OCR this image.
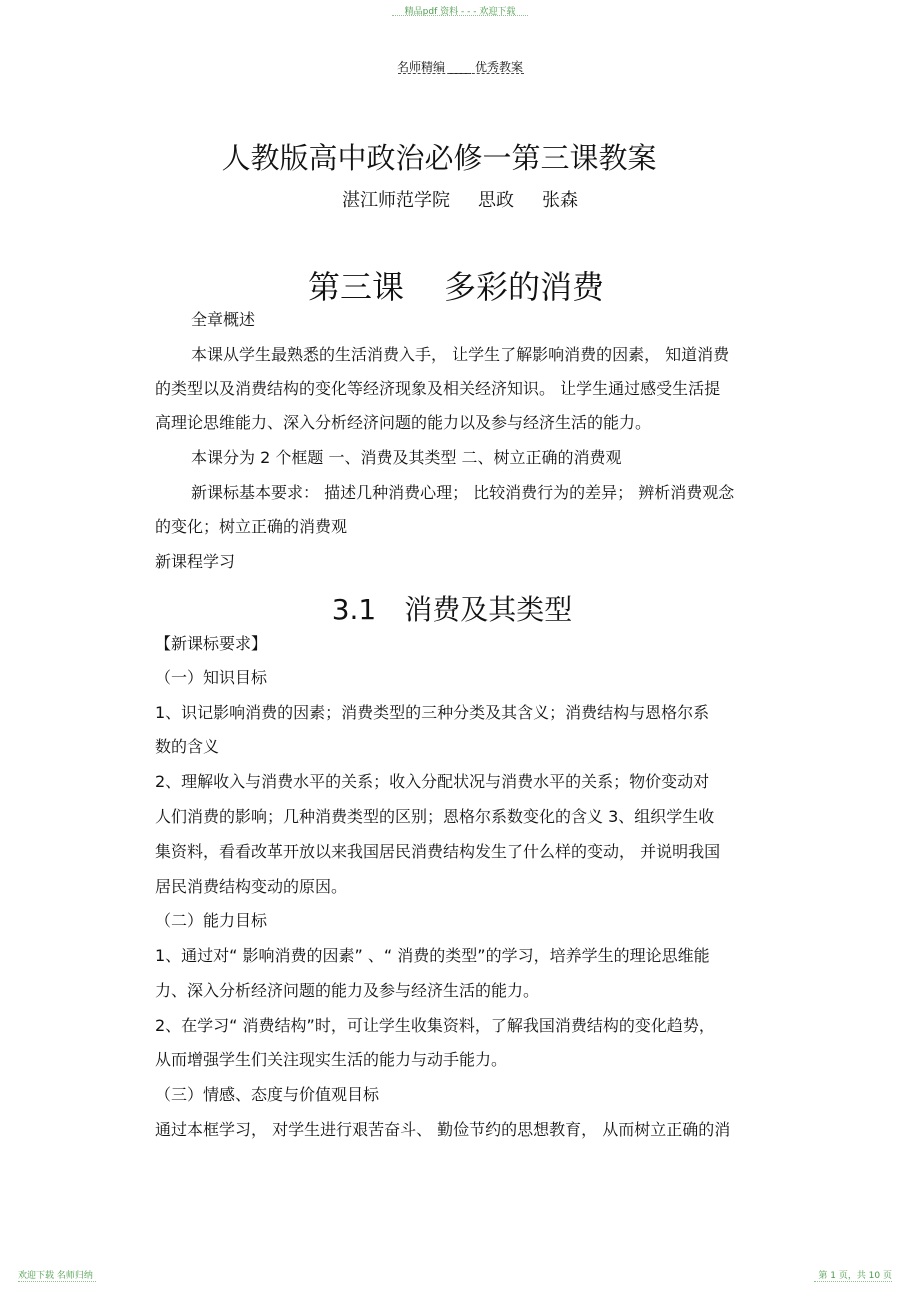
精品pdf 资料 - - - 欢迎下载
名师精编	优秀教案
人教版高中政治必修一第三课教案
湛江师范学院 思政 张森
第三课 多彩的消费
全章概述
本课从学生最熟悉的生活消费入手， 让学生了解影响消费的因素， 知道消费
的类型以及消费结构的变化等经济现象及相关经济知识。 让学生通过感受生活提
高理论思维能力、深入分析经济问题的能力以及参与经济生活的能力。
本课分为 2 个框题 一、消费及其类型 二、树立正确的消费观
新课标基本要求： 描述几种消费心理； 比较消费行为的差异； 辨析消费观念
的变化；树立正确的消费观
新课程学习
3.1 消费及其类型
【新课标要求】
（一）知识目标
1、识记影响消费的因素；消费类型的三种分类及其含义；消费结构与恩格尔系
数的含义
2、理解收入与消费水平的关系；收入分配状况与消费水平的关系；物价变动对
人们消费的影响；几种消费类型的区别；恩格尔系数变化的含义 3、组织学生收
集资料，看看改革开放以来我国居民消费结构发生了什么样的变动， 并说明我国
居民消费结构变动的原因。
（二）能力目标
1、通过对“ 影响消费的因素” 、“ 消费的类型”的学习，培养学生的理论思维能
力、深入分析经济问题的能力及参与经济生活的能力。
2、在学习“ 消费结构”时，可让学生收集资料，了解我国消费结构的变化趋势，
从而增强学生们关注现实生活的能力与动手能力。
（三）情感、态度与价值观目标
通过本框学习， 对学生进行艰苦奋斗、 勤俭节约的思想教育， 从而树立正确的消
欢迎下载 名师归纳	第 1 页，共 10 页
